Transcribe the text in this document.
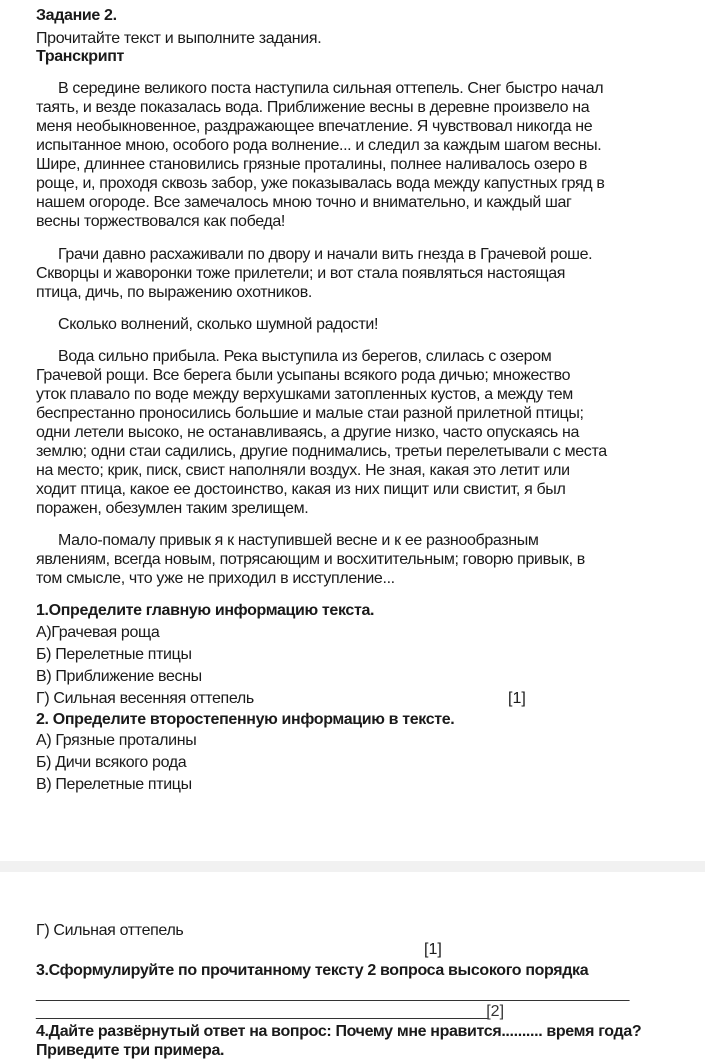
Задание 2.
Прочитайте текст и выполните задания.
Транскрипт
[1]
[1]
3.Сформулируйте по прочитанному тексту 2 вопроса высокого порядка
___________________________________________________________________________
_________________________________________________________[2]
4.Дайте развёрнутый ответ на вопрос: Почему мне нравится.......... время года?
Приведите три примера.
В середине великого поста наступила сильная оттепель. Снег быстро начал
таять, и везде показалась вода. Приближение весны в деревне произвело на
меня необыкновенное, раздражающее впечатление. Я чувствовал никогда не
испытанное мною, особого рода волнение... и следил за каждым шагом весны.
Шире, длиннее становились грязные проталины, полнее наливалось озеро в
роще, и, проходя сквозь забор, уже показывалась вода между капустных гряд в
нашем огороде. Все замечалось мною точно и внимательно, и каждый шаг
весны торжествовался как победа!
Грачи давно расхаживали по двору и начали вить гнезда в Грачевой роше.
Скворцы и жаворонки тоже прилетели; и вот стала появляться настоящая
птица, дичь, по выражению охотников.
Сколько волнений, сколько шумной радости!
Вода сильно прибыла. Река выступила из берегов, слилась с озером
Грачевой рощи. Все берега были усыпаны всякого рода дичью; множество
уток плавало по воде между верхушками затопленных кустов, а между тем
беспрестанно проносились большие и малые стаи разной прилетной птицы;
одни летели высоко, не останавливаясь, а другие низко, часто опускаясь на
землю; одни стаи садились, другие поднимались, третьи перелетывали с места
на место; крик, писк, свист наполняли воздух. Не зная, какая это летит или
ходит птица, какое ее достоинство, какая из них пищит или свистит, я был
поражен, обезумлен таким зрелищем.
Мало-помалу привык я к наступившей весне и к ее разнообразным
явлениям, всегда новым, потрясающим и восхитительным; говорю привык, в
том смысле, что уже не приходил в исступление...
1.Определите главную информацию текста.
А)Грачевая роща
Б) Перелетные птицы
В) Приближение весны
Г) Сильная весенняя оттепель
2. Определите второстепенную информацию в тексте.
А) Грязные проталины
Б) Дичи всякого рода
В) Перелетные птицы
Г) Сильная оттепель
